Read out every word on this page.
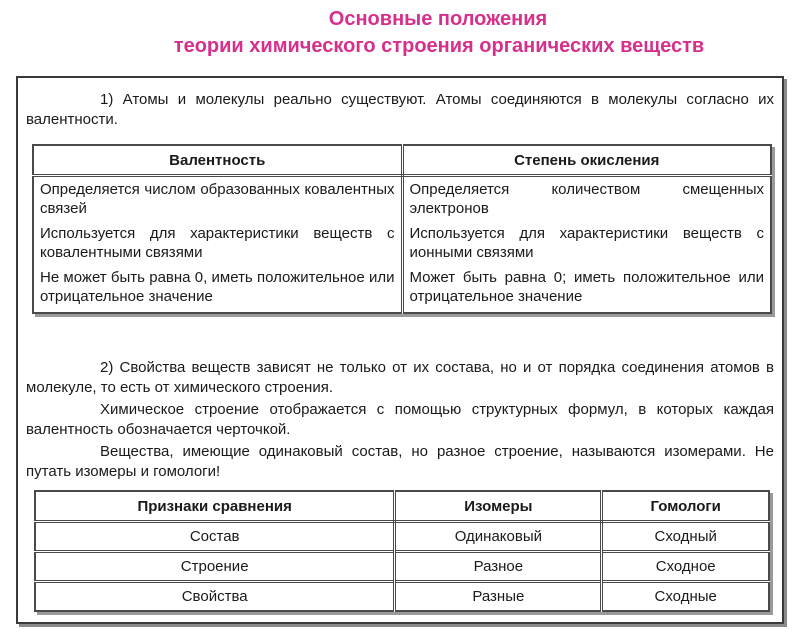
Основные положения
теории химического строения органических веществ

1) Атомы и молекулы реально существуют. Атомы соединяются в молекулы согласно их валентности.

Валентность	Степень окисления
Определяется числом образованных ковалентных связей	Определяется количеством смещенных электронов
Используется для характеристики веществ с ковалентными связями	Используется для характеристики веществ с ионными связями
Не может быть равна 0, иметь положительное или отрицательное значение	Может быть равна 0; иметь положительное или отрицательное значение

2) Свойства веществ зависят не только от их состава, но и от порядка соединения атомов в молекуле, то есть от химического строения.

Химическое строение отображается с помощью структурных формул, в которых каждая валентность обозначается черточкой.

Вещества, имеющие одинаковый состав, но разное строение, называются изомерами. Не путать изомеры и гомологи!

Признаки сравнения	Изомеры	Гомологи
Состав	Одинаковый	Сходный
Строение	Разное	Сходное
Свойства	Разные	Сходные
